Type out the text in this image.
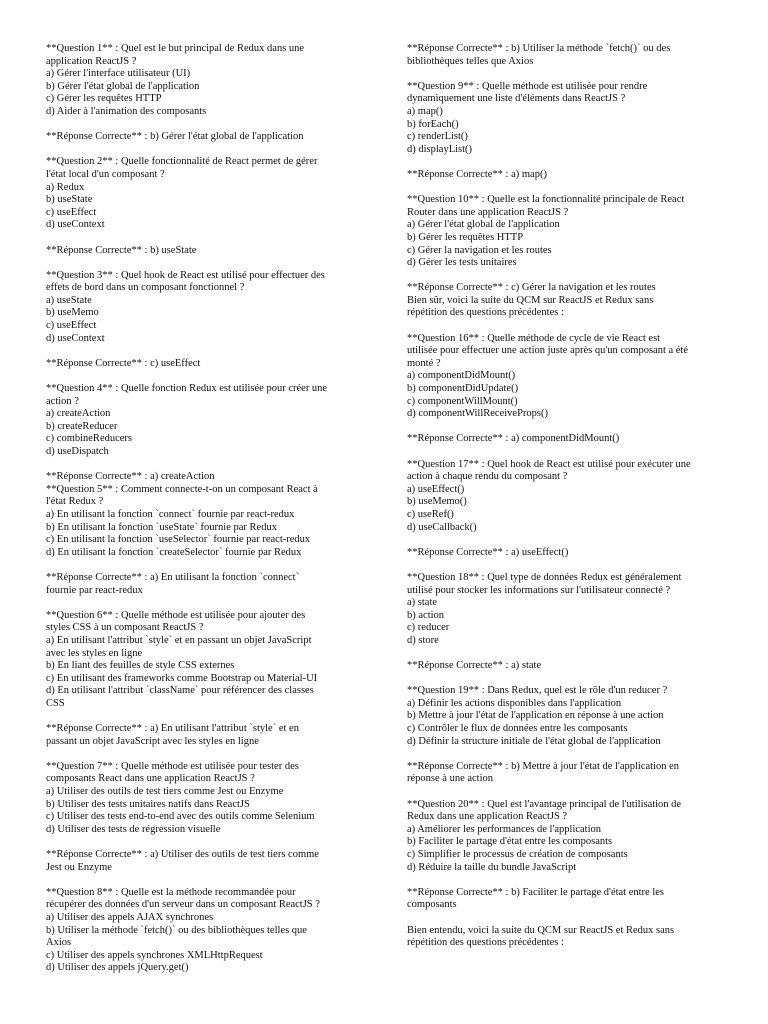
**Question 1** : Quel est le but principal de Redux dans une
application ReactJS ?
a) Gérer l'interface utilisateur (UI)
b) Gérer l'état global de l'application
c) Gérer les requêtes HTTP
d) Aider à l'animation des composants
**Réponse Correcte** : b) Gérer l'état global de l'application
**Question 2** : Quelle fonctionnalité de React permet de gérer
l'état local d'un composant ?
a) Redux
b) useState
c) useEffect
d) useContext
**Réponse Correcte** : b) useState
**Question 3** : Quel hook de React est utilisé pour effectuer des
effets de bord dans un composant fonctionnel ?
a) useState
b) useMemo
c) useEffect
d) useContext
**Réponse Correcte** : c) useEffect
**Question 4** : Quelle fonction Redux est utilisée pour créer une
action ?
a) createAction
b) createReducer
c) combineReducers
d) useDispatch
**Réponse Correcte** : a) createAction
**Question 5** : Comment connecte-t-on un composant React à
l'état Redux ?
a) En utilisant la fonction `connect` fournie par react-redux
b) En utilisant la fonction `useState` fournie par Redux
c) En utilisant la fonction `useSelector` fournie par react-redux
d) En utilisant la fonction `createSelector` fournie par Redux
**Réponse Correcte** : a) En utilisant la fonction `connect`
fournie par react-redux
**Question 6** : Quelle méthode est utilisée pour ajouter des
styles CSS à un composant ReactJS ?
a) En utilisant l'attribut `style` et en passant un objet JavaScript
avec les styles en ligne
b) En liant des feuilles de style CSS externes
c) En utilisant des frameworks comme Bootstrap ou Material-UI
d) En utilisant l'attribut `className` pour référencer des classes
CSS
**Réponse Correcte** : a) En utilisant l'attribut `style` et en
passant un objet JavaScript avec les styles en ligne
**Question 7** : Quelle méthode est utilisée pour tester des
composants React dans une application ReactJS ?
a) Utiliser des outils de test tiers comme Jest ou Enzyme
b) Utiliser des tests unitaires natifs dans ReactJS
c) Utiliser des tests end-to-end avec des outils comme Selenium
d) Utiliser des tests de régression visuelle
**Réponse Correcte** : a) Utiliser des outils de test tiers comme
Jest ou Enzyme
**Question 8** : Quelle est la méthode recommandée pour
récupérer des données d'un serveur dans un composant ReactJS ?
a) Utiliser des appels AJAX synchrones
b) Utiliser la méthode `fetch()` ou des bibliothèques telles que
Axios
c) Utiliser des appels synchrones XMLHttpRequest
d) Utiliser des appels jQuery.get()
**Réponse Correcte** : b) Utiliser la méthode `fetch()` ou des
bibliothèques telles que Axios
**Question 9** : Quelle méthode est utilisée pour rendre
dynamiquement une liste d'éléments dans ReactJS ?
a) map()
b) forEach()
c) renderList()
d) displayList()
**Réponse Correcte** : a) map()
**Question 10** : Quelle est la fonctionnalité principale de React
Router dans une application ReactJS ?
a) Gérer l'état global de l'application
b) Gérer les requêtes HTTP
c) Gérer la navigation et les routes
d) Gérer les tests unitaires
**Réponse Correcte** : c) Gérer la navigation et les routes
Bien sûr, voici la suite du QCM sur ReactJS et Redux sans
répétition des questions précédentes :
**Question 16** : Quelle méthode de cycle de vie React est
utilisée pour effectuer une action juste après qu'un composant a été
monté ?
a) componentDidMount()
b) componentDidUpdate()
c) componentWillMount()
d) componentWillReceiveProps()
**Réponse Correcte** : a) componentDidMount()
**Question 17** : Quel hook de React est utilisé pour exécuter une
action à chaque rendu du composant ?
a) useEffect()
b) useMemo()
c) useRef()
d) useCallback()
**Réponse Correcte** : a) useEffect()
**Question 18** : Quel type de données Redux est généralement
utilisé pour stocker les informations sur l'utilisateur connecté ?
a) state
b) action
c) reducer
d) store
**Réponse Correcte** : a) state
**Question 19** : Dans Redux, quel est le rôle d'un reducer ?
a) Définir les actions disponibles dans l'application
b) Mettre à jour l'état de l'application en réponse à une action
c) Contrôler le flux de données entre les composants
d) Définir la structure initiale de l'état global de l'application
**Réponse Correcte** : b) Mettre à jour l'état de l'application en
réponse à une action
**Question 20** : Quel est l'avantage principal de l'utilisation de
Redux dans une application ReactJS ?
a) Améliorer les performances de l'application
b) Faciliter le partage d'état entre les composants
c) Simplifier le processus de création de composants
d) Réduire la taille du bundle JavaScript
**Réponse Correcte** : b) Faciliter le partage d'état entre les
composants
Bien entendu, voici la suite du QCM sur ReactJS et Redux sans
répétition des questions précédentes :
